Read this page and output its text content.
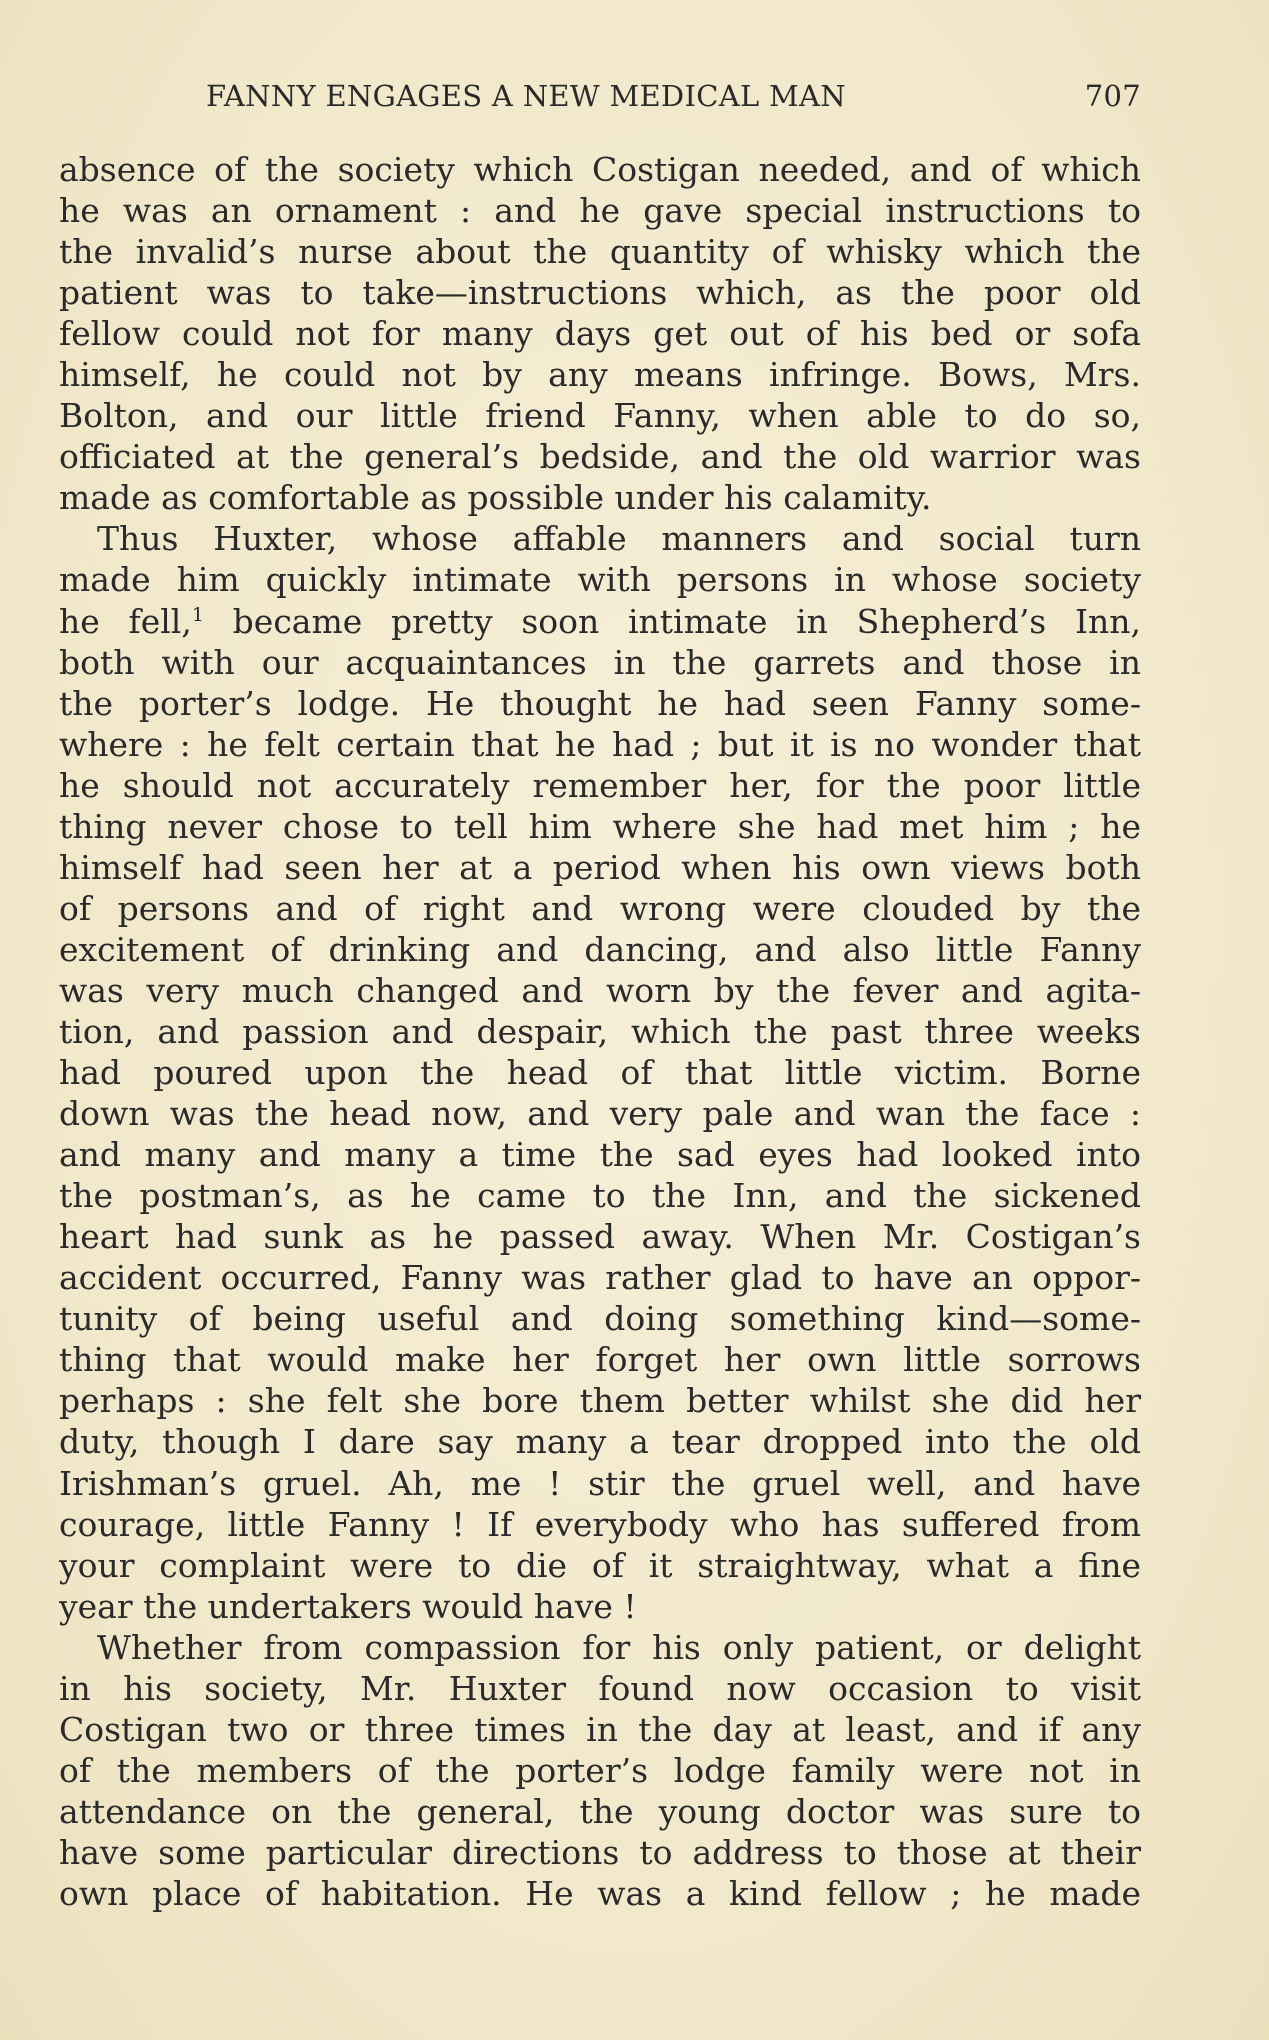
FANNY ENGAGES A NEW MEDICAL MAN	707
absence of the society which Costigan needed, and of which
he was an ornament : and he gave special instructions to
the invalid’s nurse about the quantity of whisky which the
patient was to take—instructions which, as the poor old
fellow could not for many days get out of his bed or sofa
himself, he could not by any means infringe. Bows, Mrs.
Bolton, and our little friend Fanny, when able to do so,
officiated at the general’s bedside, and the old warrior was
made as comfortable as possible under his calamity.
Thus Huxter, whose affable manners and social turn
made him quickly intimate with persons in whose society
he fell,$^1$ became pretty soon intimate in Shepherd’s Inn,
both with our acquaintances in the garrets and those in
the porter’s lodge. He thought he had seen Fanny some-
where : he felt certain that he had ; but it is no wonder that
he should not accurately remember her, for the poor little
thing never chose to tell him where she had met him ; he
himself had seen her at a period when his own views both
of persons and of right and wrong were clouded by the
excitement of drinking and dancing, and also little Fanny
was very much changed and worn by the fever and agita-
tion, and passion and despair, which the past three weeks
had poured upon the head of that little victim. Borne
down was the head now, and very pale and wan the face :
and many and many a time the sad eyes had looked into
the postman’s, as he came to the Inn, and the sickened
heart had sunk as he passed away. When Mr. Costigan’s
accident occurred, Fanny was rather glad to have an oppor-
tunity of being useful and doing something kind—some-
thing that would make her forget her own little sorrows
perhaps : she felt she bore them better whilst she did her
duty, though I dare say many a tear dropped into the old
Irishman’s gruel. Ah, me ! stir the gruel well, and have
courage, little Fanny ! If everybody who has suffered from
your complaint were to die of it straightway, what a fine
year the undertakers would have !
Whether from compassion for his only patient, or delight
in his society, Mr. Huxter found now occasion to visit
Costigan two or three times in the day at least, and if any
of the members of the porter’s lodge family were not in
attendance on the general, the young doctor was sure to
have some particular directions to address to those at their
own place of habitation. He was a kind fellow ; he made
